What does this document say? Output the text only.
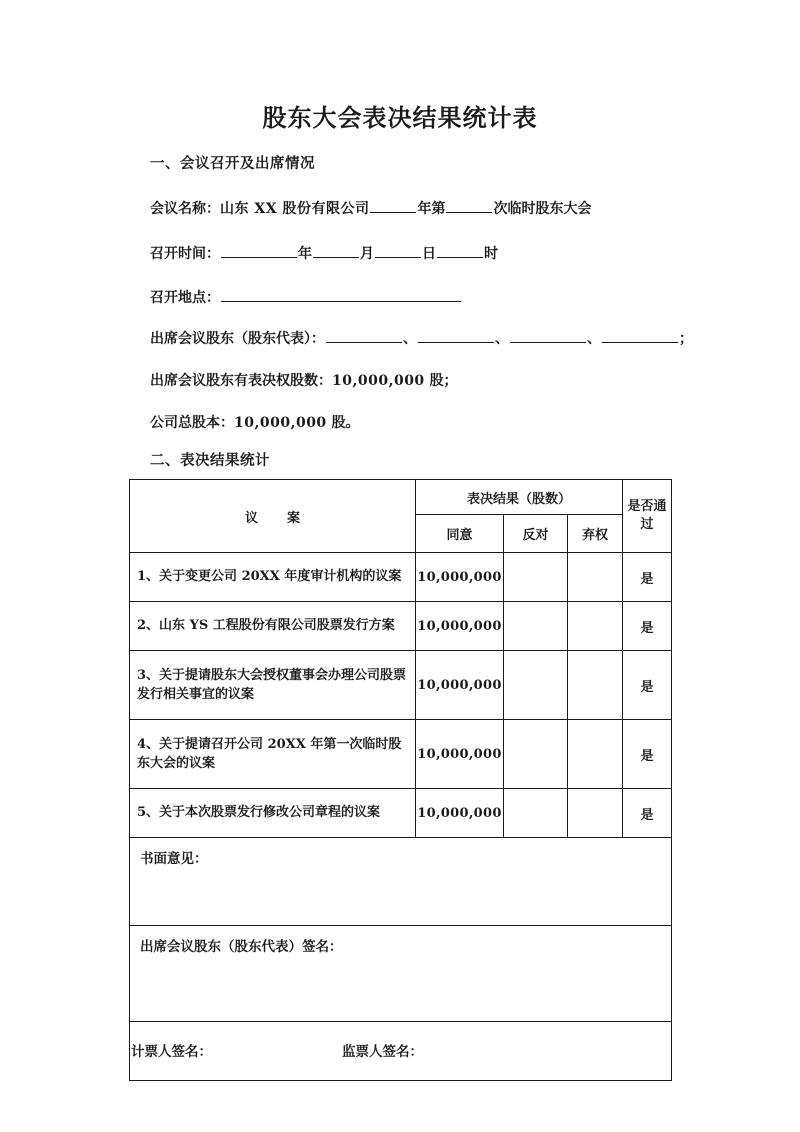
股东大会表决结果统计表
一、会议召开及出席情况
会议名称：山东 XX 股份有限公司	年第	次临时股东大会
召开时间：	年	月	日	时
召开地点：
出席会议股东（股东代表）：	、	、	、	；
出席会议股东有表决权股数：10,000,000 股；
公司总股本：10,000,000 股。
二、表决结果统计
议　案	表决结果（股数）			是否通过
	同意	反对	弃权	
1、关于变更公司 20XX 年度审计机构的议案	10,000,000			是
2、山东 YS 工程股份有限公司股票发行方案	10,000,000			是
3、关于提请股东大会授权董事会办理公司股票发行相关事宜的议案	10,000,000			是
4、关于提请召开公司 20XX 年第一次临时股东大会的议案	10,000,000			是
5、关于本次股票发行修改公司章程的议案	10,000,000			是
书面意见：				
出席会议股东（股东代表）签名：				

计票人签名： 监票人签名：				
